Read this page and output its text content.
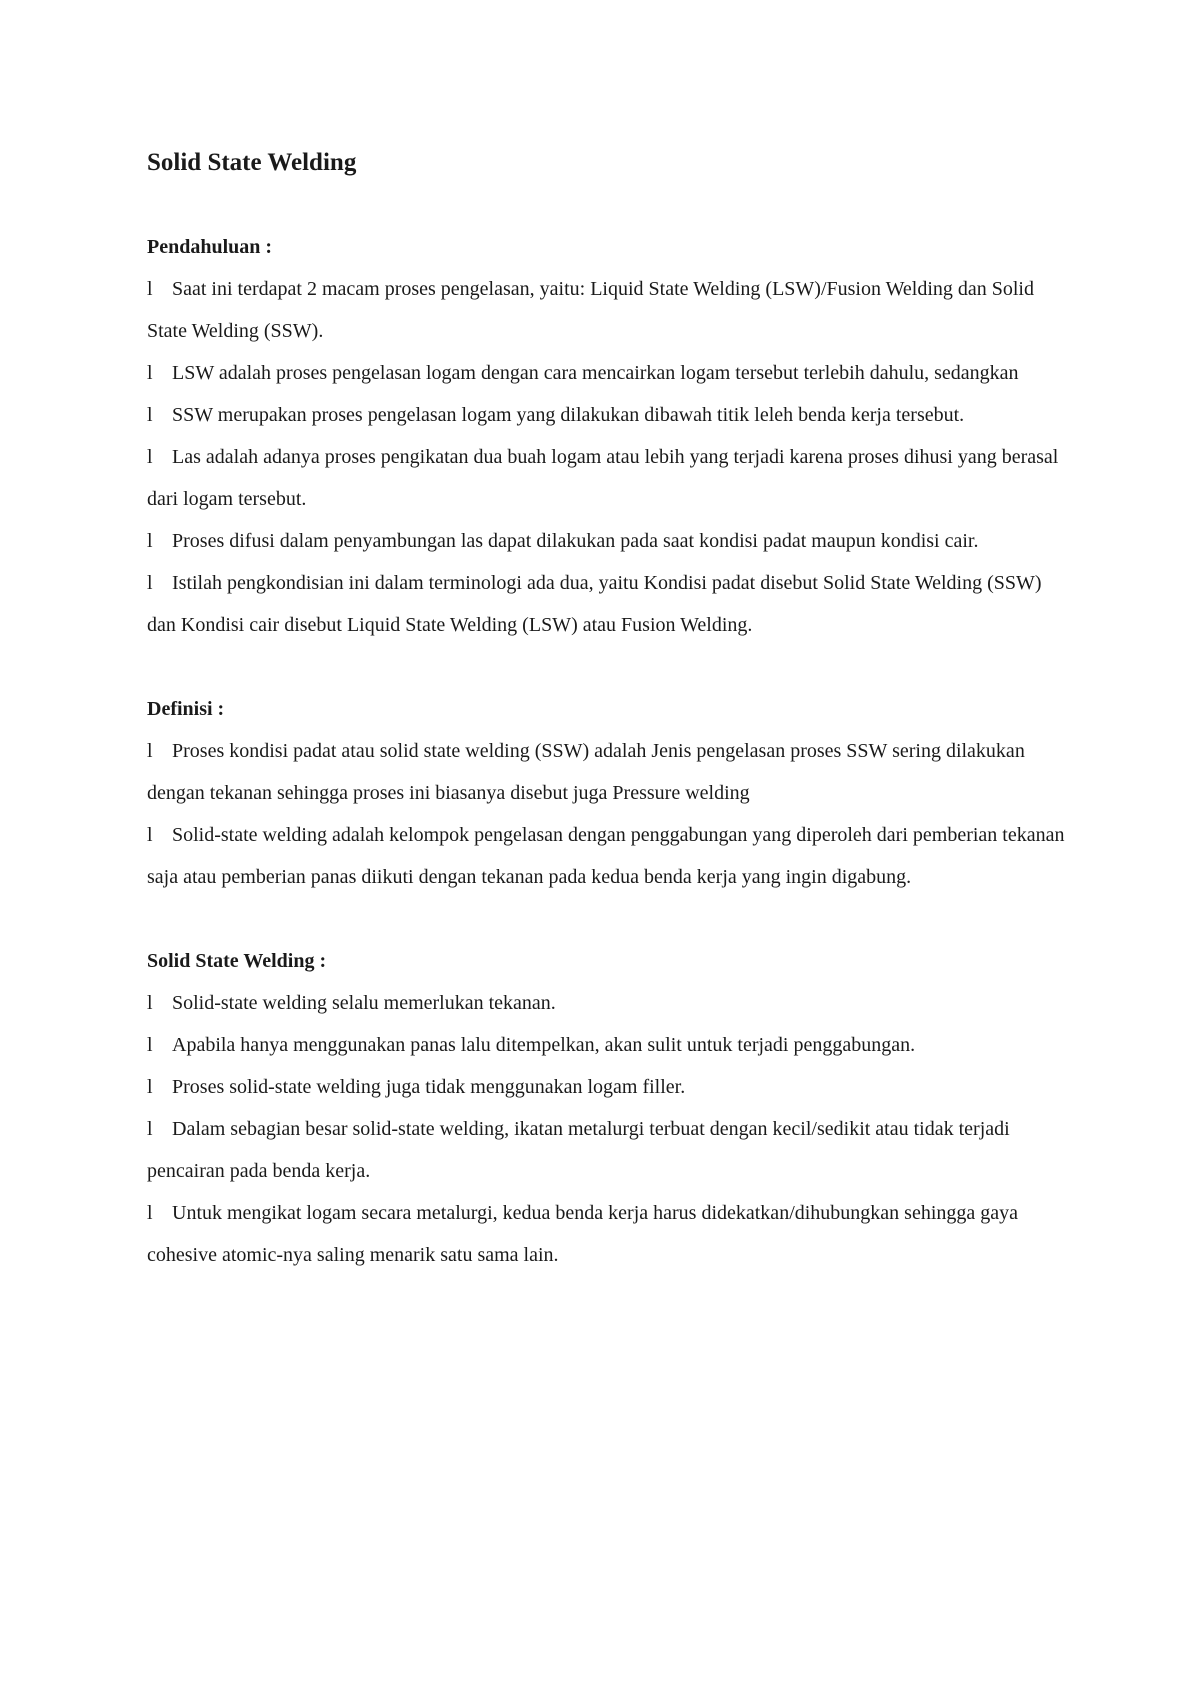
Solid State Welding
Pendahuluan :
l Saat ini terdapat 2 macam proses pengelasan, yaitu: Liquid State Welding (LSW)/Fusion Welding dan Solid State Welding (SSW).
l LSW adalah proses pengelasan logam dengan cara mencairkan logam tersebut terlebih dahulu, sedangkan
l SSW merupakan proses pengelasan logam yang dilakukan dibawah titik leleh benda kerja tersebut.
l Las adalah adanya proses pengikatan dua buah logam atau lebih yang terjadi karena proses dihusi yang berasal dari logam tersebut.
l Proses difusi dalam penyambungan las dapat dilakukan pada saat kondisi padat maupun kondisi cair.
l Istilah pengkondisian ini dalam terminologi ada dua, yaitu Kondisi padat disebut Solid State Welding (SSW) dan Kondisi cair disebut Liquid State Welding (LSW) atau Fusion Welding.
Definisi :
l Proses kondisi padat atau solid state welding (SSW) adalah Jenis pengelasan proses SSW sering dilakukan dengan tekanan sehingga proses ini biasanya disebut juga Pressure welding
l Solid-state welding adalah kelompok pengelasan dengan penggabungan yang diperoleh dari pemberian tekanan saja atau pemberian panas diikuti dengan tekanan pada kedua benda kerja yang ingin digabung.
Solid State Welding :
l Solid-state welding selalu memerlukan tekanan.
l Apabila hanya menggunakan panas lalu ditempelkan, akan sulit untuk terjadi penggabungan.
l Proses solid-state welding juga tidak menggunakan logam filler.
l Dalam sebagian besar solid-state welding, ikatan metalurgi terbuat dengan kecil/sedikit atau tidak terjadi pencairan pada benda kerja.
l Untuk mengikat logam secara metalurgi, kedua benda kerja harus didekatkan/dihubungkan sehingga gaya cohesive atomic-nya saling menarik satu sama lain.
